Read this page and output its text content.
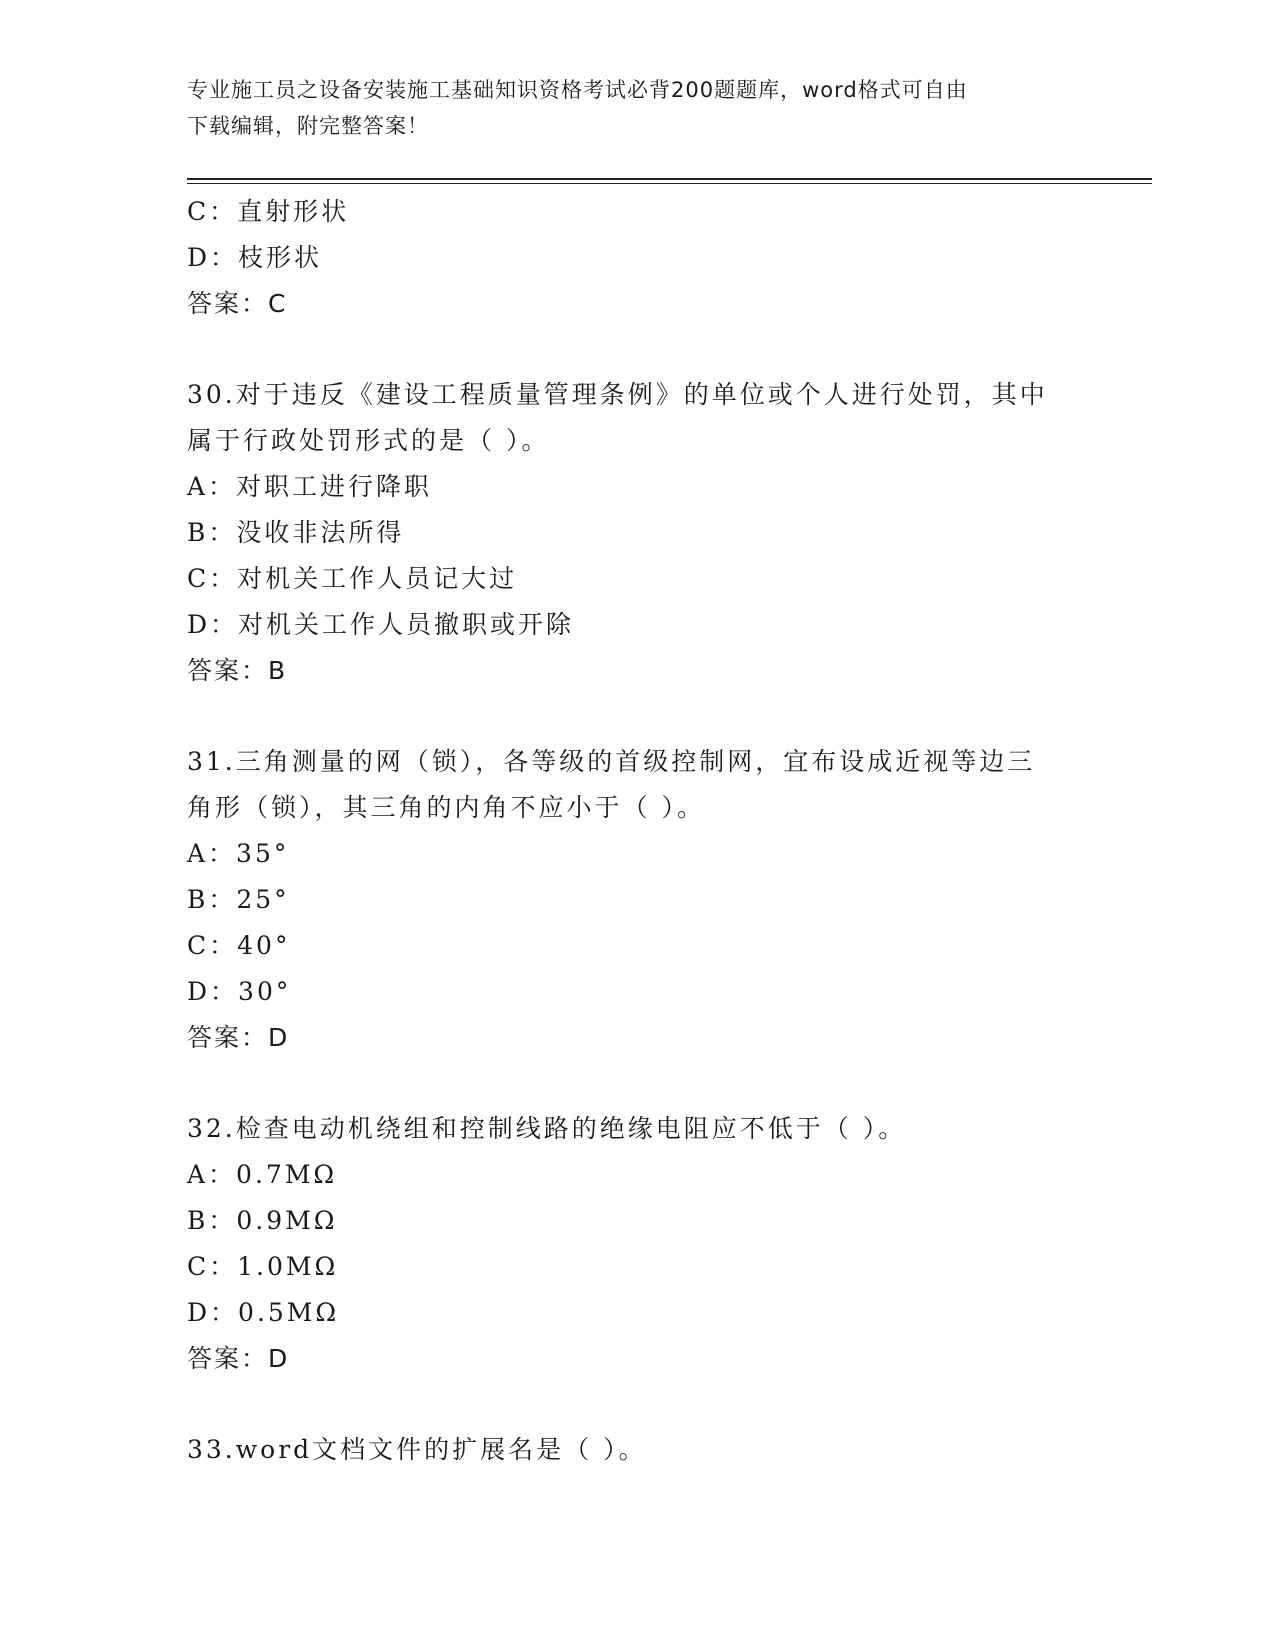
专业施工员之设备安装施工基础知识资格考试必背200题题库，word格式可自由
下载编辑，附完整答案！
C：直射形状
D：枝形状
答案：C
30.对于违反《建设工程质量管理条例》的单位或个人进行处罚，其中
属于行政处罚形式的是（ ）。
A：对职工进行降职
B：没收非法所得
C：对机关工作人员记大过
D：对机关工作人员撤职或开除
答案：B
31.三角测量的网（锁），各等级的首级控制网，宜布设成近视等边三
角形（锁），其三角的内角不应小于（ ）。
A：35°
B：25°
C：40°
D：30°
答案：D
32.检查电动机绕组和控制线路的绝缘电阻应不低于（ ）。
A：0.7MΩ
B：0.9MΩ
C：1.0MΩ
D：0.5MΩ
答案：D
33.word文档文件的扩展名是（ ）。
